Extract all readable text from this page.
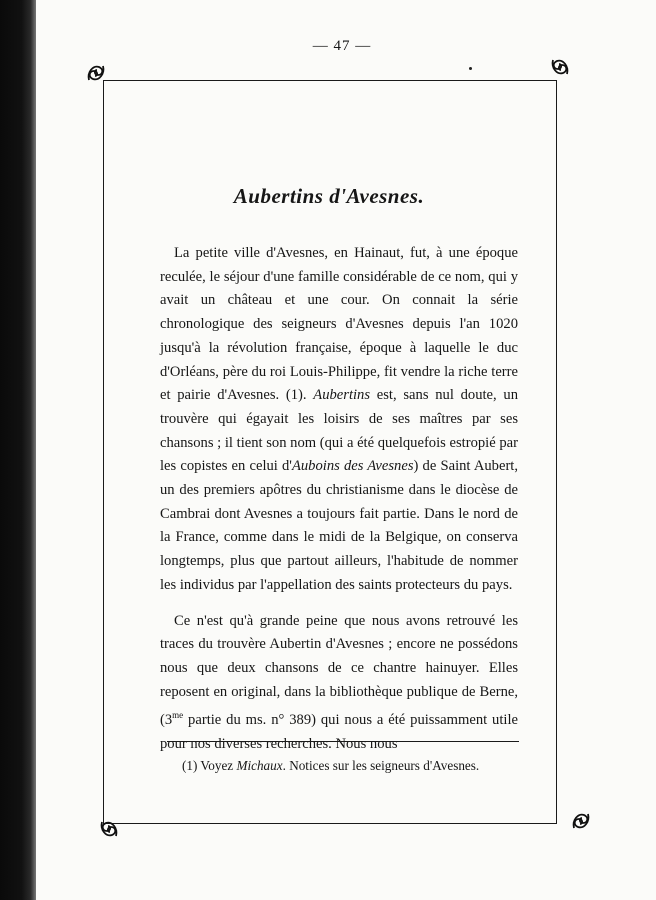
— 47 —
Aubertins d'Avesnes.

La petite ville d'Avesnes, en Hainaut, fut, à une époque reculée, le séjour d'une famille considérable de ce nom, qui y avait un château et une cour. On connait la série chronologique des seigneurs d'Avesnes depuis l'an 1020 jusqu'à la révolution française, époque à laquelle le duc d'Orléans, père du roi Louis-Philippe, fit vendre la riche terre et pairie d'Avesnes. (1). Aubertins est, sans nul doute, un trouvère qui égayait les loisirs de ses maîtres par ses chansons ; il tient son nom (qui a été quelquefois estropié par les copistes en celui d'Auboins des Avesnes) de Saint Aubert, un des premiers apôtres du christianisme dans le diocèse de Cambrai dont Avesnes a toujours fait partie. Dans le nord de la France, comme dans le midi de la Belgique, on conserva longtemps, plus que partout ailleurs, l'habitude de nommer les individus par l'appellation des saints protecteurs du pays.

Ce n'est qu'à grande peine que nous avons retrouvé les traces du trouvère Aubertin d'Avesnes ; encore ne possédons nous que deux chansons de ce chantre hainuyer. Elles reposent en original, dans la bibliothèque publique de Berne, ($3^{me}$ partie du ms. n° 389) qui nous a été puissamment utile pour nos diverses recherches. Nous nous

(1) Voyez Michaux. Notices sur les seigneurs d'Avesnes.
